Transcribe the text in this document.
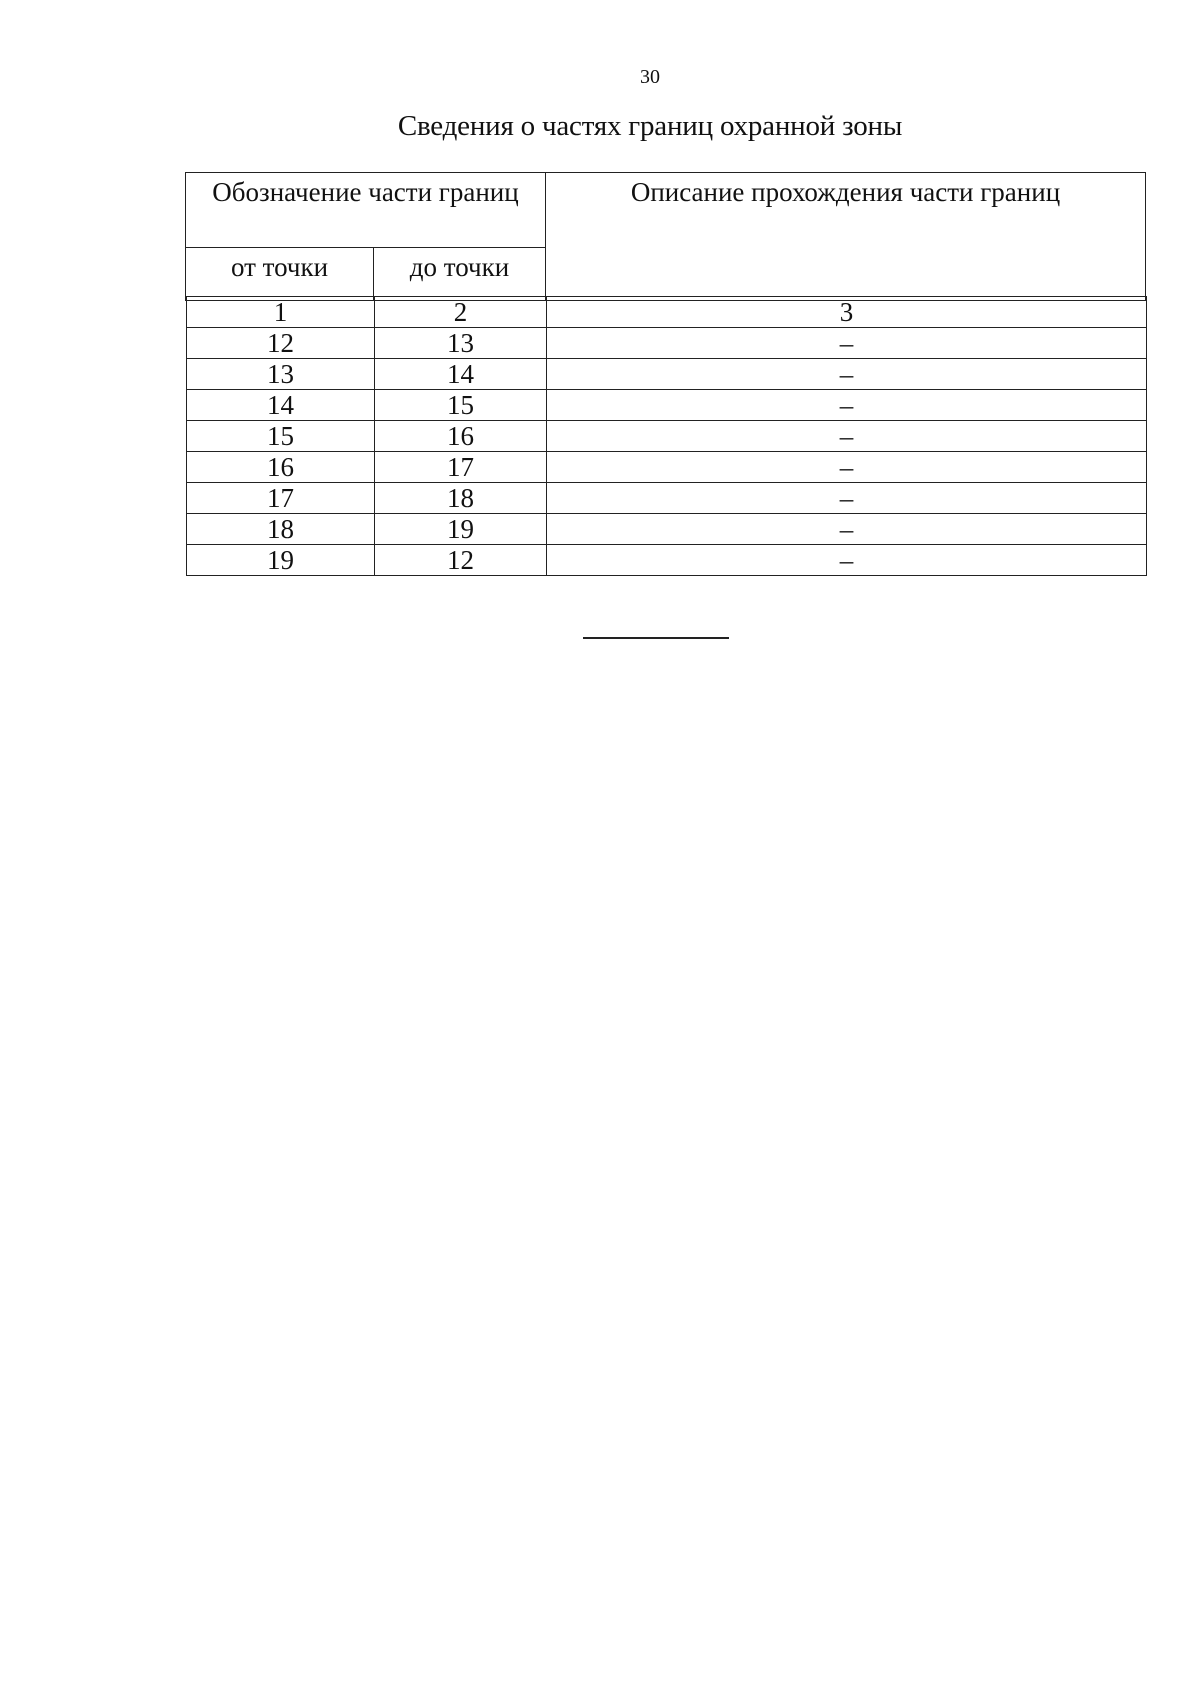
30
Сведения о частях границ охранной зоны
Обозначение части границ		Описание прохождения части границ
от точки	до точки	
1	2	3
12	13	–
13	14	–
14	15	–
15	16	–
16	17	–
17	18	–
18	19	–
19	12	–
